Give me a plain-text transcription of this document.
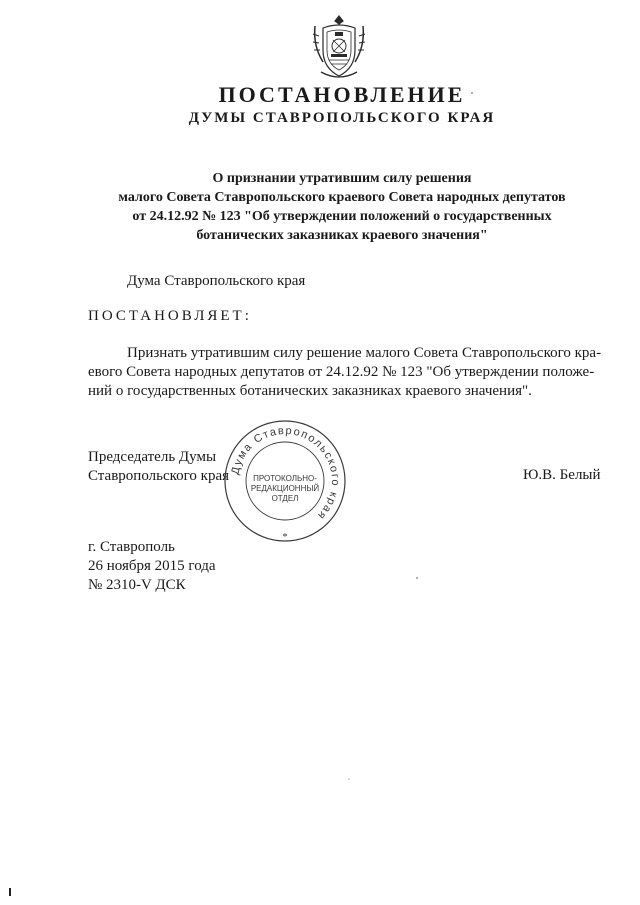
ПОСТАНОВЛЕНИЕ
ДУМЫ СТАВРОПОЛЬСКОГО КРАЯ
О признании утратившим силу решения
малого Совета Ставропольского краевого Совета народных депутатов
от 24.12.92 № 123 "Об утверждении положений о государственных
ботанических заказниках краевого значения"
Дума Ставропольского края
ПОСТАНОВЛЯЕТ:
Признать утратившим силу решение малого Совета Ставропольского кра-
евого Совета народных депутатов от 24.12.92 № 123 "Об утверждении положе-
ний о государственных ботанических заказниках краевого значения".
Председатель Думы
Ставропольского края Дума Ставропольского края
*
ПРОТОКОЛЬНО-
РЕДАКЦИОННЫЙ
ОТДЕЛ
Ю.В. Белый
г. Ставрополь
26 ноября 2015 года
№ 2310-V ДСК
